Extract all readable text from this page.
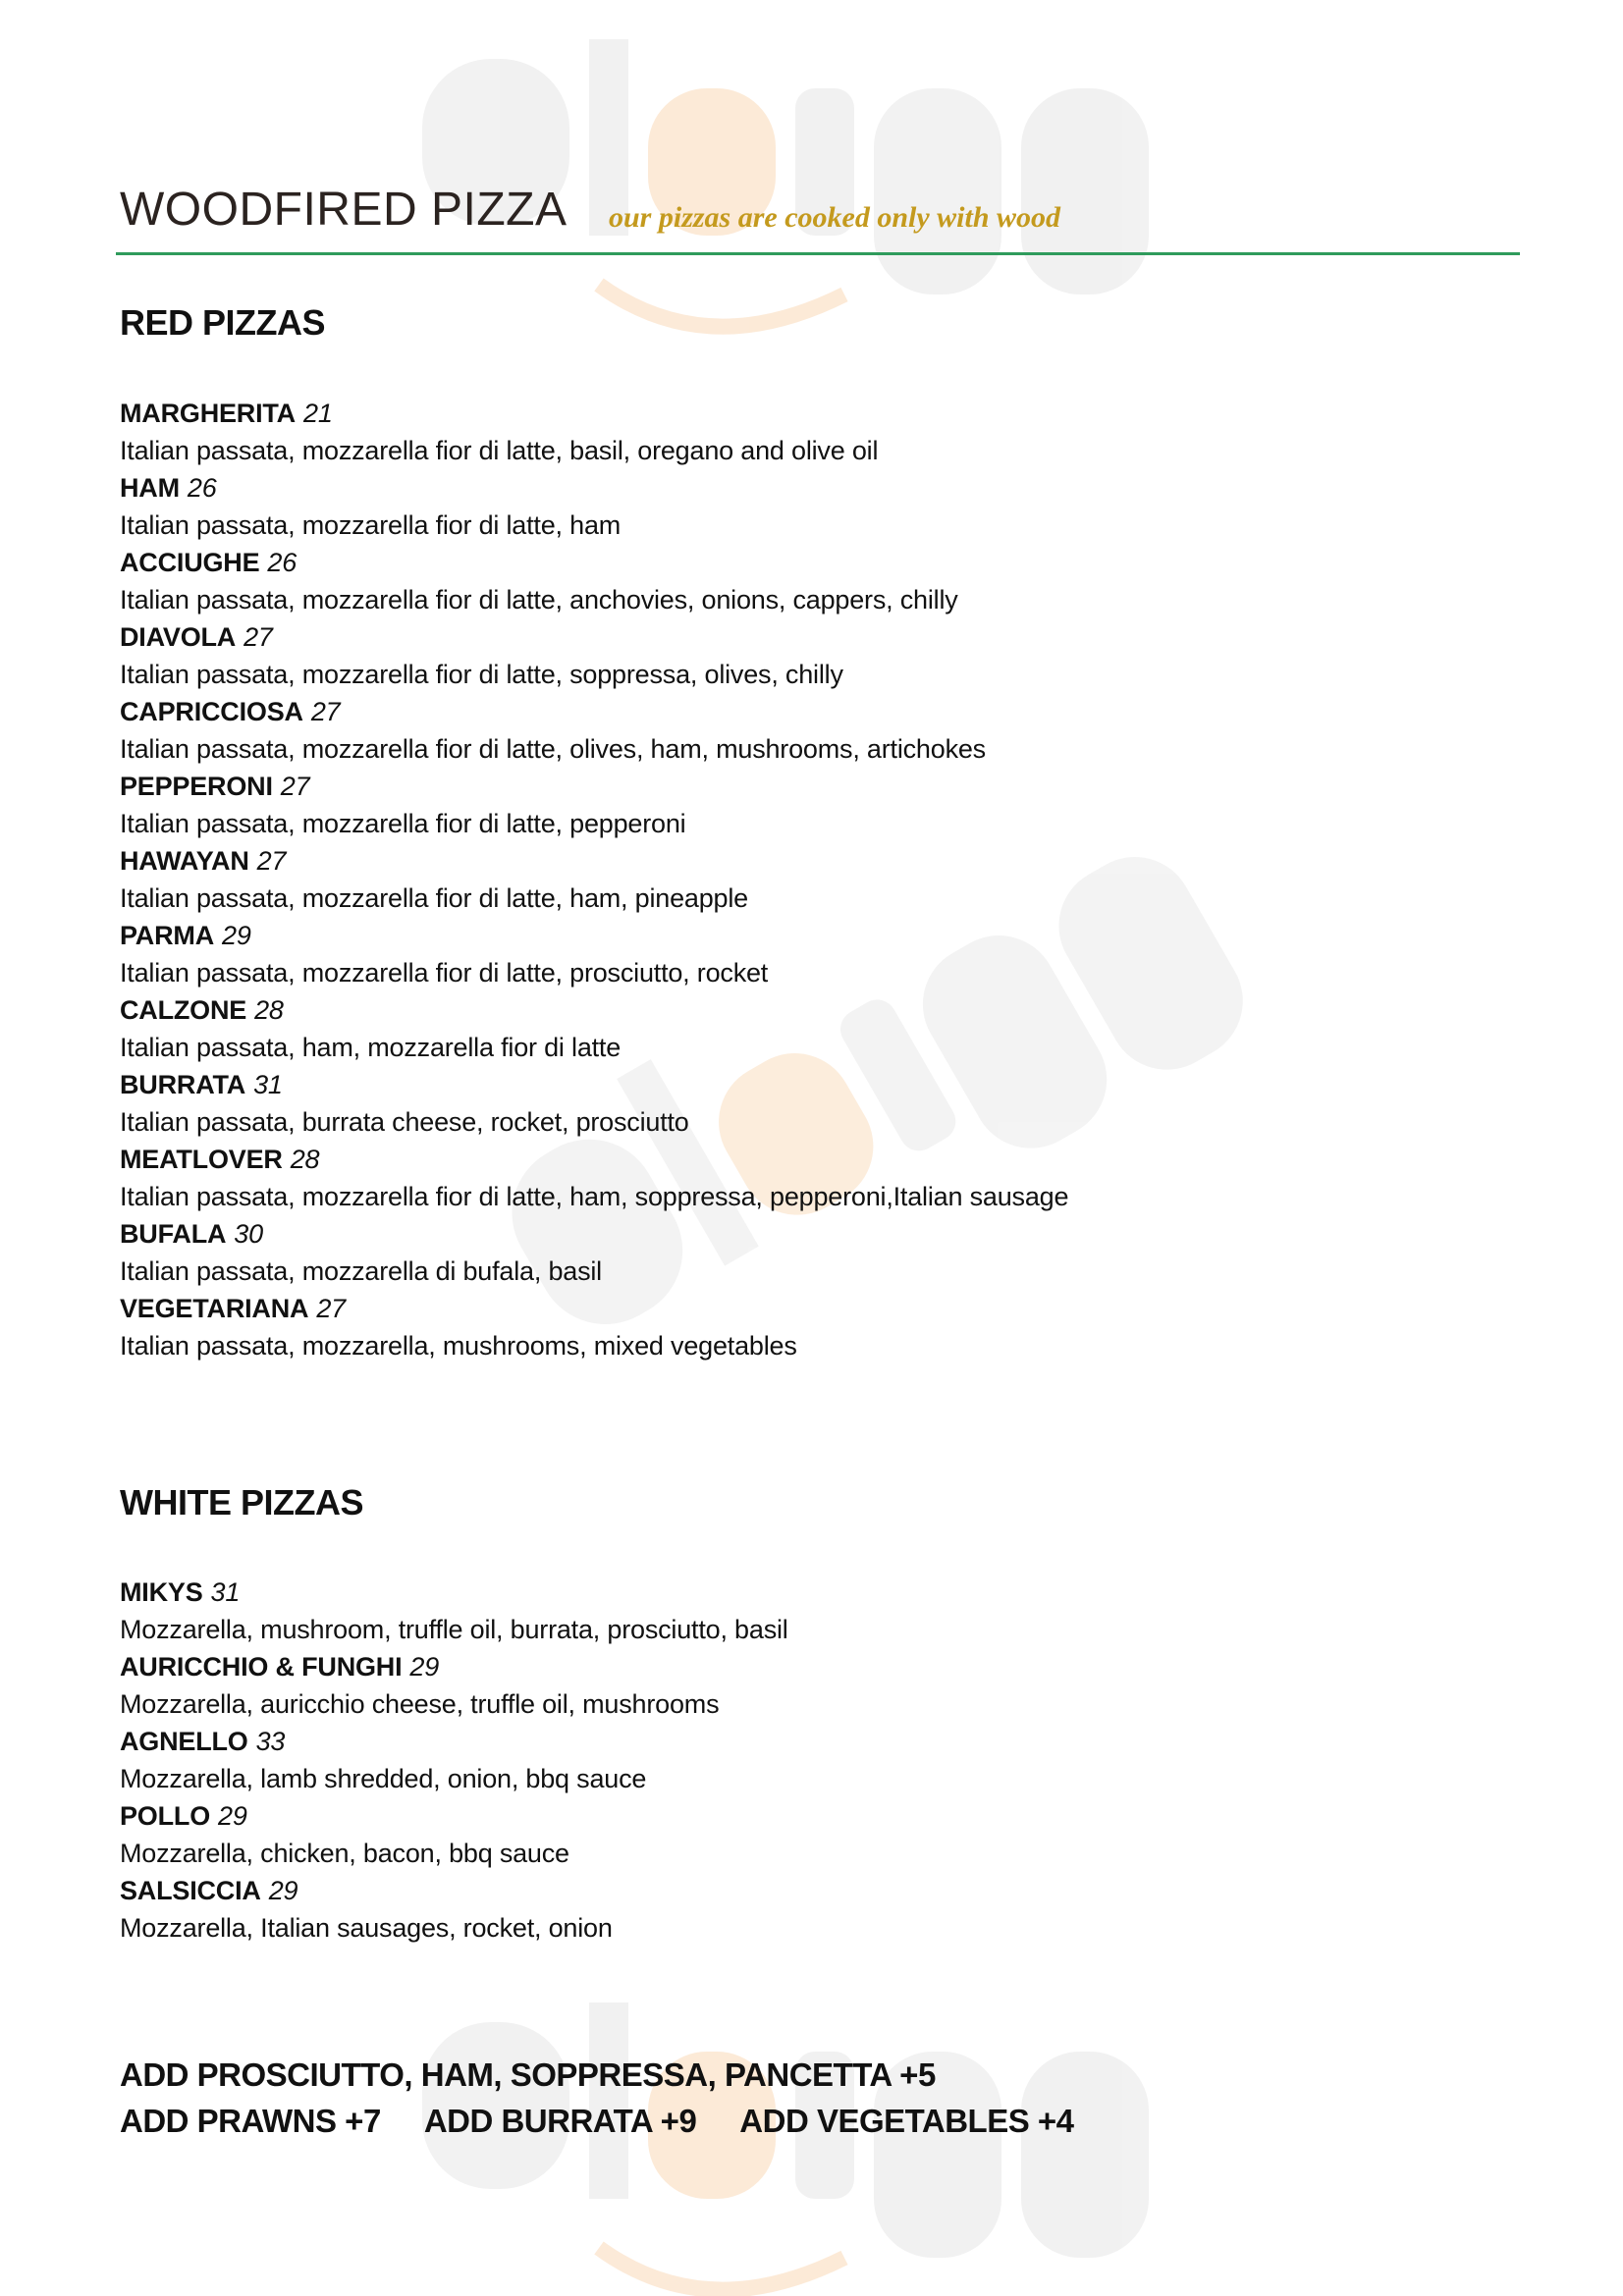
WOODFIRED PIZZA our pizzas are cooked only with wood
RED PIZZAS
MARGHERITA 21
Italian passata, mozzarella fior di latte, basil, oregano and olive oil
HAM 26
Italian passata, mozzarella fior di latte, ham
ACCIUGHE 26
Italian passata, mozzarella fior di latte, anchovies, onions, cappers, chilly
DIAVOLA 27
Italian passata, mozzarella fior di latte, soppressa, olives, chilly
CAPRICCIOSA 27
Italian passata, mozzarella fior di latte, olives, ham, mushrooms, artichokes
PEPPERONI 27
Italian passata, mozzarella fior di latte, pepperoni
HAWAYAN 27
Italian passata, mozzarella fior di latte, ham, pineapple
PARMA 29
Italian passata, mozzarella fior di latte, prosciutto, rocket
CALZONE 28
Italian passata, ham, mozzarella fior di latte
BURRATA 31
Italian passata, burrata cheese, rocket, prosciutto
MEATLOVER 28
Italian passata, mozzarella fior di latte, ham, soppressa, pepperoni,Italian sausage
BUFALA 30
Italian passata, mozzarella di bufala, basil
VEGETARIANA 27
Italian passata, mozzarella, mushrooms, mixed vegetables
WHITE PIZZAS
MIKYS 31
Mozzarella, mushroom, truffle oil, burrata, prosciutto, basil
AURICCHIO & FUNGHI 29
Mozzarella, auricchio cheese, truffle oil, mushrooms
AGNELLO 33
Mozzarella, lamb shredded, onion, bbq sauce
POLLO 29
Mozzarella, chicken, bacon, bbq sauce
SALSICCIA 29
Mozzarella, Italian sausages, rocket, onion
ADD PROSCIUTTO, HAM, SOPPRESSA, PANCETTA +5
ADD PRAWNS +7 ADD BURRATA +9 ADD VEGETABLES +4
